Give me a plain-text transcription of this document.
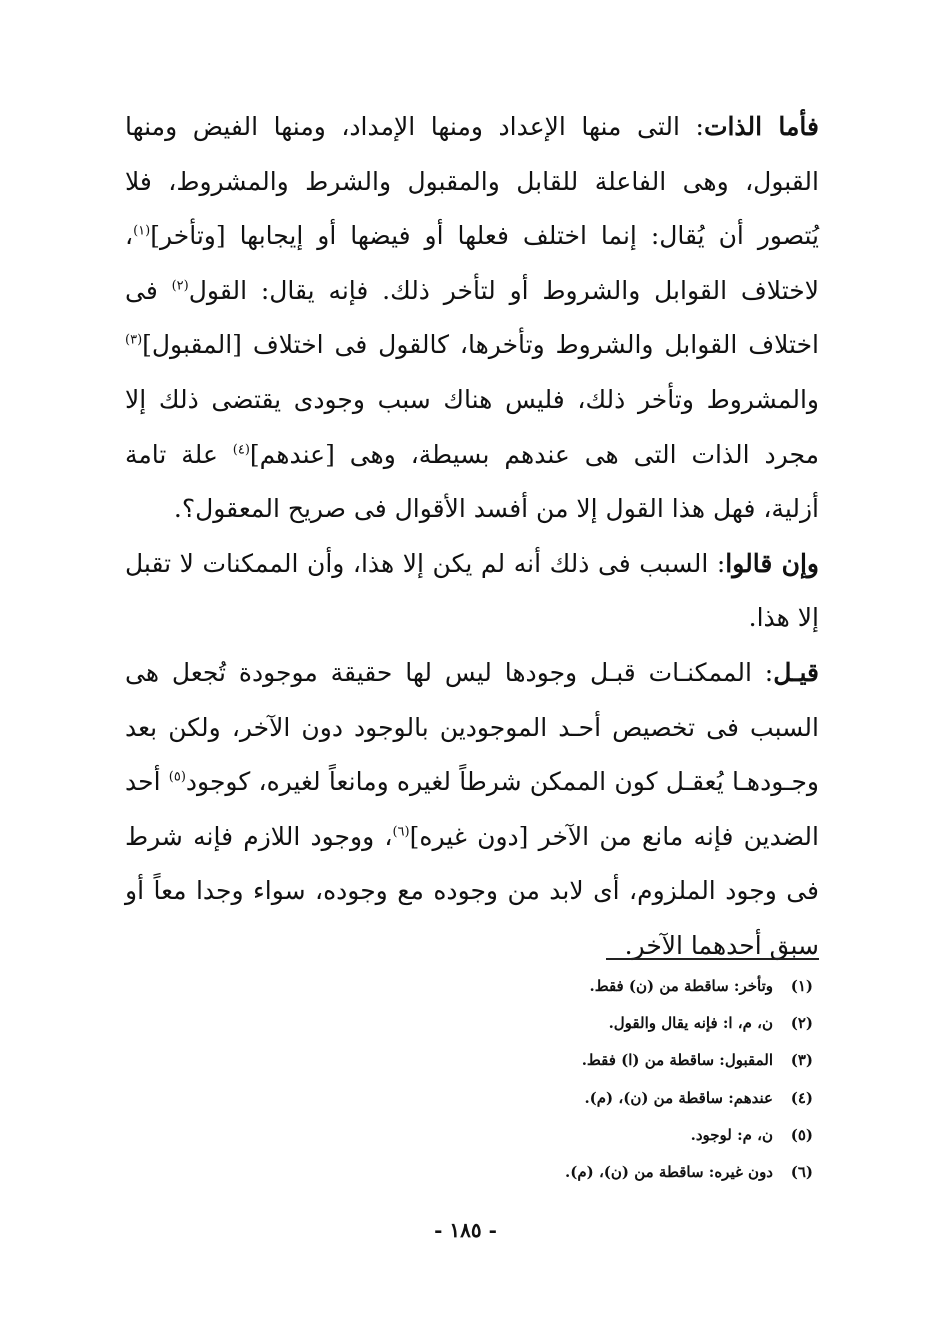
فأما الذات: التى منها الإعداد ومنها الإمداد، ومنها الفيض ومنها القبول، وهى الفاعلة للقابل والمقبول والشرط والمشروط، فلا يُتصور أن يُقال: إنما اختلف فعلها أو فيضها أو إيجابها [وتأخر]$^{(١)}$، لاختلاف القوابل والشروط أو لتأخر ذلك. فإنه يقال: القول$^{(٢)}$ فى اختلاف القوابل والشروط وتأخرها، كالقول فى اختلاف [المقبول]$^{(٣)}$ والمشروط وتأخر ذلك، فليس هناك سبب وجودى يقتضى ذلك إلا مجرد الذات التى هى عندهم بسيطة، وهى [عندهم]$^{(٤)}$ علة تامة أزلية، فهل هذا القول إلا من أفسد الأقوال فى صريح المعقول؟.

وإن قالوا: السبب فى ذلك أنه لم يكن إلا هذا، وأن الممكنات لا تقبل إلا هذا.

قيـل: الممكنـات قبـل وجودها ليس لها حقيقة موجودة تُجعل هى السبب فى تخصيص أحـد الموجودين بالوجود دون الآخر، ولكن بعد وجـودهـا يُعقـل كون الممكن شرطاً لغيره ومانعاً لغيره، كوجود$^{(٥)}$ أحد الضدين فإنه مانع من الآخر [دون غيره]$^{(٦)}$، ووجود اللازم فإنه شرط فى وجود الملزوم، أى لابد من وجوده مع وجوده، سواء وجدا معاً أو سبق أحدهما الآخر.

(١)
وتأخر: ساقطة من (ن) فقط.
(٢)
ن، م، ا: فإنه يقال والقول.
(٣)
المقبول: ساقطة من (ا) فقط.
(٤)
عندهم: ساقطة من (ن)، (م).
(٥)
ن، م: لوجود.
(٦)
دون غيره: ساقطة من (ن)، (م).
- ١٨٥ -
